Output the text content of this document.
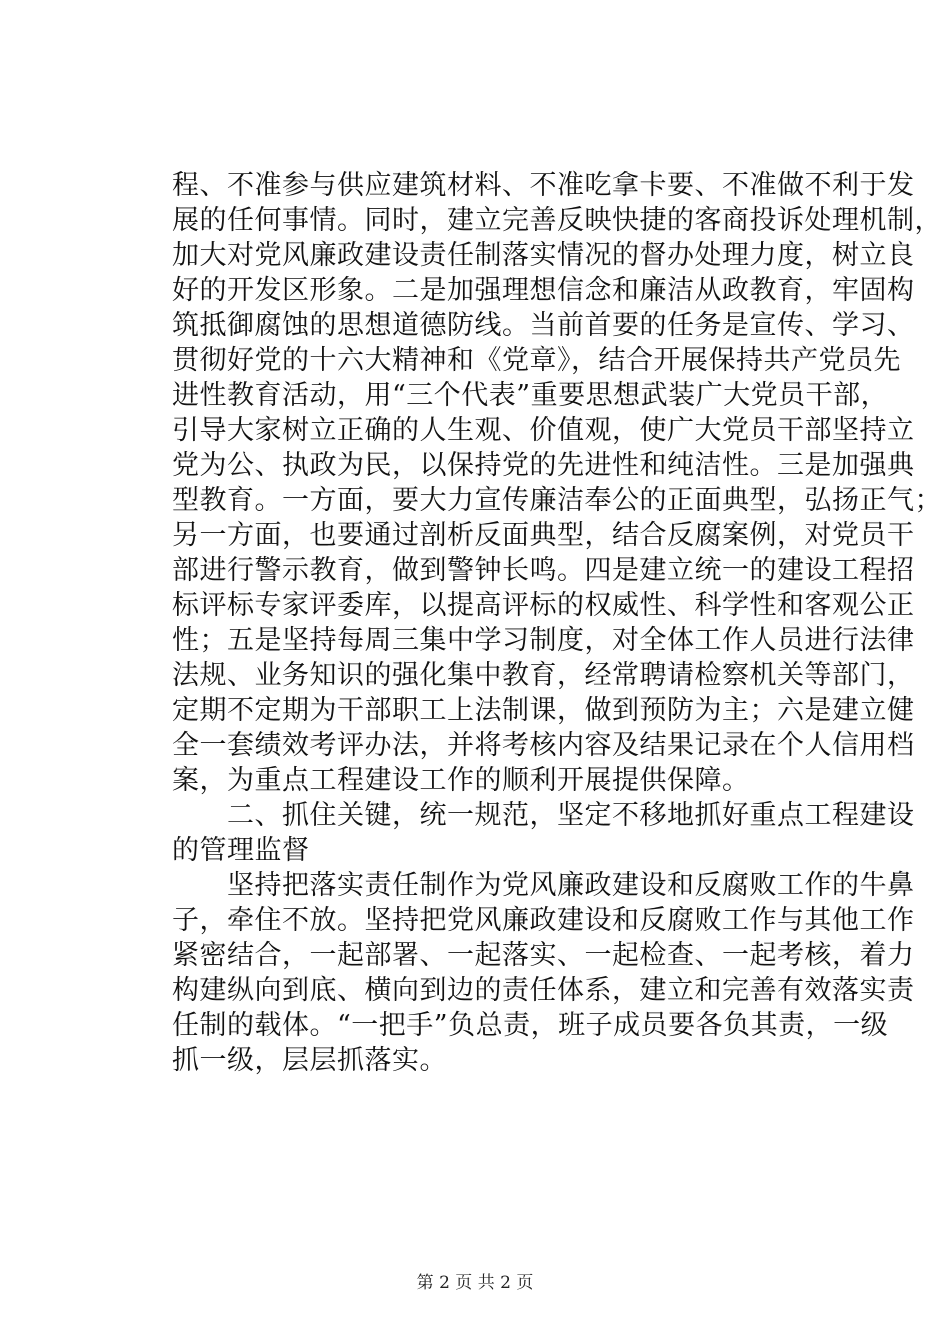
程、不准参与供应建筑材料、不准吃拿卡要、不准做不利于发
展的任何事情。同时，建立完善反映快捷的客商投诉处理机制，
加大对党风廉政建设责任制落实情况的督办处理力度，树立良
好的开发区形象。二是加强理想信念和廉洁从政教育，牢固构
筑抵御腐蚀的思想道德防线。当前首要的任务是宣传、学习、
贯彻好党的十六大精神和《党章》，结合开展保持共产党员先
进性教育活动，用“三个代表”重要思想武装广大党员干部，
引导大家树立正确的人生观、价值观，使广大党员干部坚持立
党为公、执政为民，以保持党的先进性和纯洁性。三是加强典
型教育。一方面，要大力宣传廉洁奉公的正面典型，弘扬正气；
另一方面，也要通过剖析反面典型，结合反腐案例，对党员干
部进行警示教育，做到警钟长鸣。四是建立统一的建设工程招
标评标专家评委库，以提高评标的权威性、科学性和客观公正
性；五是坚持每周三集中学习制度，对全体工作人员进行法律
法规、业务知识的强化集中教育，经常聘请检察机关等部门，
定期不定期为干部职工上法制课，做到预防为主；六是建立健
全一套绩效考评办法，并将考核内容及结果记录在个人信用档
案，为重点工程建设工作的顺利开展提供保障。
　　二、抓住关键，统一规范，坚定不移地抓好重点工程建设
的管理监督
　　坚持把落实责任制作为党风廉政建设和反腐败工作的牛鼻
子，牵住不放。坚持把党风廉政建设和反腐败工作与其他工作
紧密结合，一起部署、一起落实、一起检查、一起考核，着力
构建纵向到底、横向到边的责任体系，建立和完善有效落实责
任制的载体。“一把手”负总责，班子成员要各负其责，一级
抓一级，层层抓落实。
第 2 页 共 2 页
